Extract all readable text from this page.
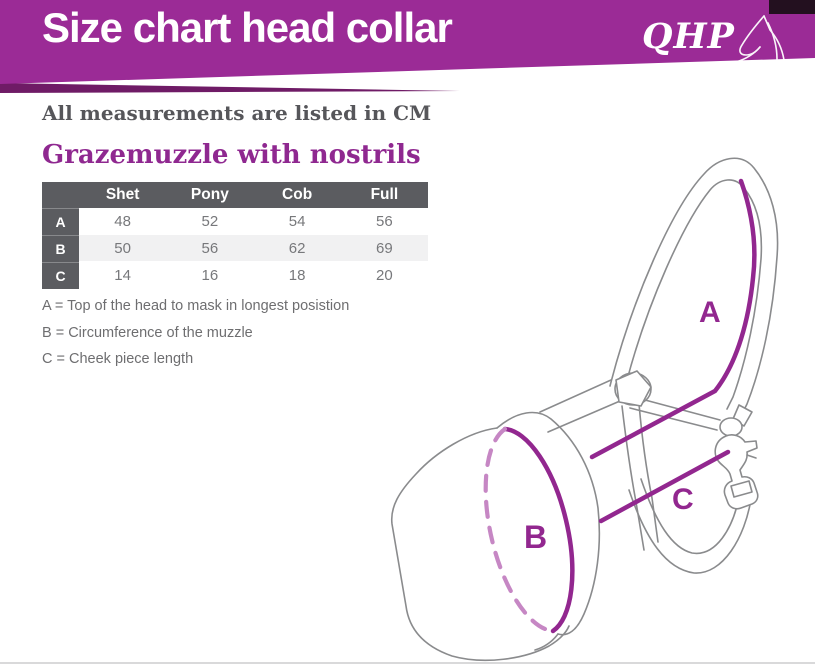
Size chart head collar	QHP
All measurements are listed in CM
Grazemuzzle with nostrils
Shet	Pony	Cob	Full
A	48	52	54	56
B	50	56	62	69
C	14	16	18	20
A = Top of the head to mask in longest posistion
B = Circumference of the muzzle
C = Cheek piece length
A
B
C
